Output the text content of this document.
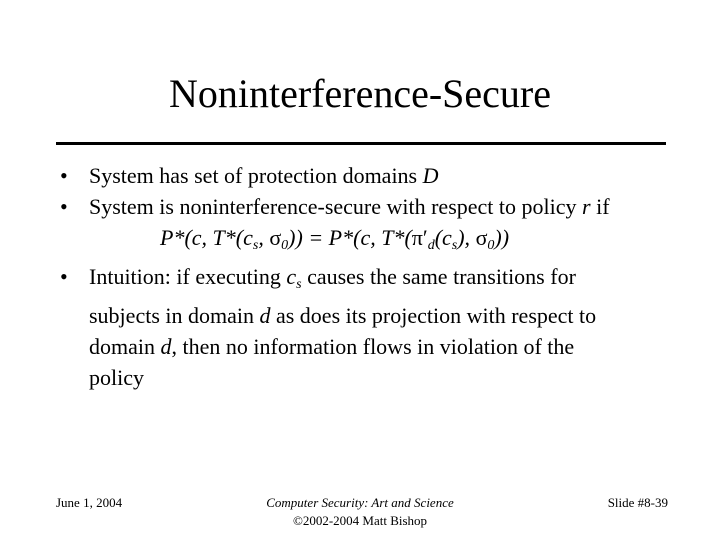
Noninterference-Secure
• System has set of protection domains D
• System is noninterference-secure with respect to policy r if
P*(c, $T*(c_s$, σ0)) = P*(c, $T*(\pi'_d(c_s)$, σ0))
• Intuition: if executing $c_s$ causes the same transitions for
subjects in domain d as does its projection with respect to
domain d, then no information flows in violation of the
policy
June 1, 2004	Computer Security: Art and Science
©2002-2004 Matt Bishop
Slide #8-39
